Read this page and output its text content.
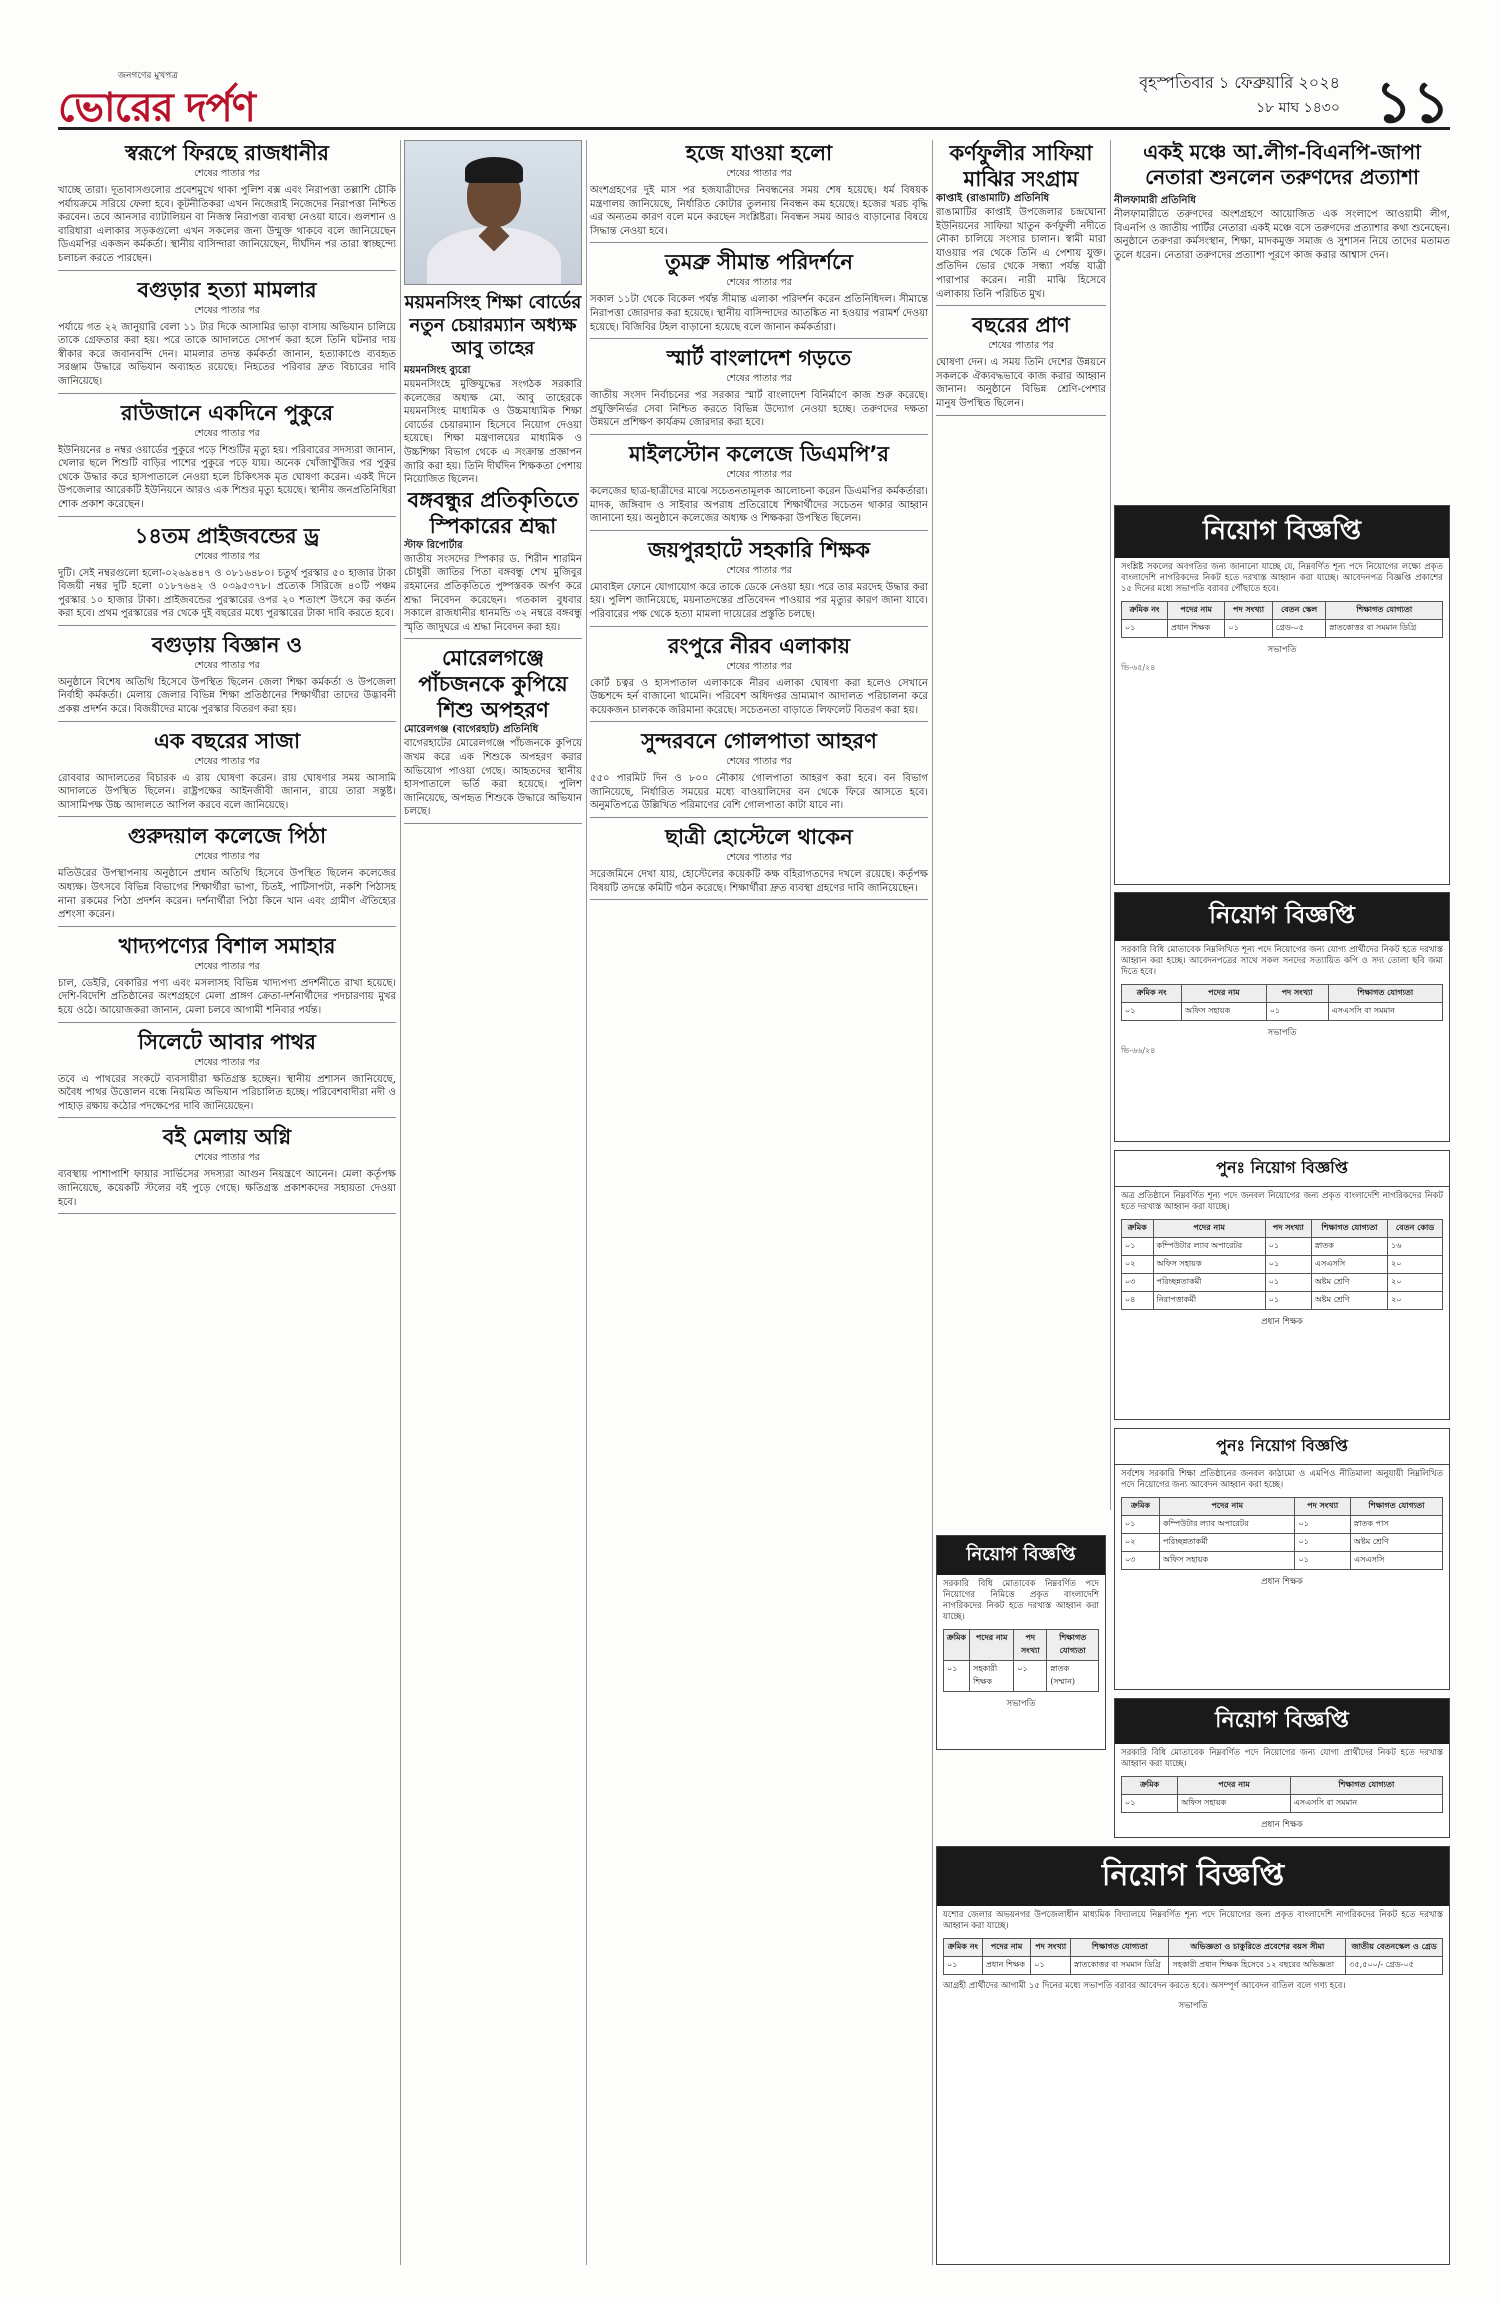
জনগণের মুখপত্র
ভোরের দর্পণ
বৃহস্পতিবার ১ ফেব্রুয়ারি ২০২৪
১৮ মাঘ ১৪৩০ ১১
স্বরূপে ফিরছে রাজধানীর
শেষের পাতার পর
খাচ্ছে তারা। দূতাবাসগুলোর প্রবেশমুখে থাকা পুলিশ বক্স এবং নিরাপত্তা তল্লাশি চৌকি পর্যায়ক্রমে সরিয়ে ফেলা হবে। কূটনীতিকরা এখন নিজেরাই নিজেদের নিরাপত্তা নিশ্চিত করবেন। তবে আনসার ব্যাটালিয়ন বা নিজস্ব নিরাপত্তা ব্যবস্থা নেওয়া যাবে। গুলশান ও বারিধারা এলাকার সড়কগুলো এখন সকলের জন্য উন্মুক্ত থাকবে বলে জানিয়েছেন ডিএমপির একজন কর্মকর্তা। স্থানীয় বাসিন্দারা জানিয়েছেন, দীর্ঘদিন পর তারা স্বাচ্ছন্দ্যে চলাচল করতে পারছেন।
বগুড়ার হত্যা মামলার
শেষের পাতার পর
পর্যায়ে গত ২২ জানুয়ারি বেলা ১১ টার দিকে আসামির ভাড়া বাসায় অভিযান চালিয়ে তাকে গ্রেফতার করা হয়। পরে তাকে আদালতে সোপর্দ করা হলে তিনি ঘটনার দায় স্বীকার করে জবানবন্দি দেন। মামলার তদন্ত কর্মকর্তা জানান, হত্যাকাণ্ডে ব্যবহৃত সরঞ্জাম উদ্ধারে অভিযান অব্যাহত রয়েছে। নিহতের পরিবার দ্রুত বিচারের দাবি জানিয়েছে।
রাউজানে একদিনে পুকুরে
শেষের পাতার পর
ইউনিয়নের ৪ নম্বর ওয়ার্ডের পুকুরে পড়ে শিশুটির মৃত্যু হয়। পরিবারের সদস্যরা জানান, খেলার ছলে শিশুটি বাড়ির পাশের পুকুরে পড়ে যায়। অনেক খোঁজাখুঁজির পর পুকুর থেকে উদ্ধার করে হাসপাতালে নেওয়া হলে চিকিৎসক মৃত ঘোষণা করেন। একই দিনে উপজেলার আরেকটি ইউনিয়নে আরও এক শিশুর মৃত্যু হয়েছে। স্থানীয় জনপ্রতিনিধিরা শোক প্রকাশ করেছেন।
১৪তম প্রাইজবন্ডের ড্র
শেষের পাতার পর
দুটি। সেই নম্বরগুলো হলো-০২৬৯৪৪৭ ও ০৮১৬৪৮০। চতুর্থ পুরস্কার ৫০ হাজার টাকা বিজয়ী নম্বর দুটি হলো ০১৮৭৬৪২ ও ০৩৯৫৩৭৮। প্রত্যেক সিরিজে ৪০টি পঞ্চম পুরস্কার ১০ হাজার টাকা। প্রাইজবন্ডের পুরস্কারের ওপর ২০ শতাংশ উৎসে কর কর্তন করা হবে। প্রথম পুরস্কারের পর থেকে দুই বছরের মধ্যে পুরস্কারের টাকা দাবি করতে হবে।
বগুড়ায় বিজ্ঞান ও
শেষের পাতার পর
অনুষ্ঠানে বিশেষ অতিথি হিসেবে উপস্থিত ছিলেন জেলা শিক্ষা কর্মকর্তা ও উপজেলা নির্বাহী কর্মকর্তা। মেলায় জেলার বিভিন্ন শিক্ষা প্রতিষ্ঠানের শিক্ষার্থীরা তাদের উদ্ভাবনী প্রকল্প প্রদর্শন করে। বিজয়ীদের মাঝে পুরস্কার বিতরণ করা হয়।
এক বছরের সাজা
শেষের পাতার পর
রোববার আদালতের বিচারক এ রায় ঘোষণা করেন। রায় ঘোষণার সময় আসামি আদালতে উপস্থিত ছিলেন। রাষ্ট্রপক্ষের আইনজীবী জানান, রায়ে তারা সন্তুষ্ট। আসামিপক্ষ উচ্চ আদালতে আপিল করবে বলে জানিয়েছে।
গুরুদয়াল কলেজে পিঠা
শেষের পাতার পর
মতিউরের উপস্থাপনায় অনুষ্ঠানে প্রধান অতিথি হিসেবে উপস্থিত ছিলেন কলেজের অধ্যক্ষ। উৎসবে বিভিন্ন বিভাগের শিক্ষার্থীরা ভাপা, চিতই, পাটিসাপটা, নকশি পিঠাসহ নানা রকমের পিঠা প্রদর্শন করেন। দর্শনার্থীরা পিঠা কিনে খান এবং গ্রামীণ ঐতিহ্যের প্রশংসা করেন।
খাদ্যপণ্যের বিশাল সমাহার
শেষের পাতার পর
চাল, ডেইরি, বেকারির পণ্য এবং মসলাসহ বিভিন্ন খাদ্যপণ্য প্রদর্শনীতে রাখা হয়েছে। দেশি-বিদেশি প্রতিষ্ঠানের অংশগ্রহণে মেলা প্রাঙ্গণ ক্রেতা-দর্শনার্থীদের পদচারণায় মুখর হয়ে ওঠে। আয়োজকরা জানান, মেলা চলবে আগামী শনিবার পর্যন্ত।
সিলেটে আবার পাথর
শেষের পাতার পর
তবে এ পাথরের সংকটে ব্যবসায়ীরা ক্ষতিগ্রস্ত হচ্ছেন। স্থানীয় প্রশাসন জানিয়েছে, অবৈধ পাথর উত্তোলন বন্ধে নিয়মিত অভিযান পরিচালিত হচ্ছে। পরিবেশবাদীরা নদী ও পাহাড় রক্ষায় কঠোর পদক্ষেপের দাবি জানিয়েছেন।
বই মেলায় অগ্নি
শেষের পাতার পর
ব্যবস্থায় পাশাপাশি ফায়ার সার্ভিসের সদস্যরা আগুন নিয়ন্ত্রণে আনেন। মেলা কর্তৃপক্ষ জানিয়েছে, কয়েকটি স্টলের বই পুড়ে গেছে। ক্ষতিগ্রস্ত প্রকাশকদের সহায়তা দেওয়া হবে।
ময়মনসিংহ শিক্ষা বোর্ডের নতুন চেয়ারম্যান অধ্যক্ষ আবু তাহের
ময়মনসিংহ ব্যুরো
ময়মনসিংহে মুক্তিযুদ্ধের সংগঠক সরকারি কলেজের অধ্যক্ষ মো. আবু তাহেরকে ময়মনসিংহ মাধ্যমিক ও উচ্চমাধ্যমিক শিক্ষা বোর্ডের চেয়ারম্যান হিসেবে নিয়োগ দেওয়া হয়েছে। শিক্ষা মন্ত্রণালয়ের মাধ্যমিক ও উচ্চশিক্ষা বিভাগ থেকে এ সংক্রান্ত প্রজ্ঞাপন জারি করা হয়। তিনি দীর্ঘদিন শিক্ষকতা পেশায় নিয়োজিত ছিলেন।
বঙ্গবন্ধুর প্রতিকৃতিতে স্পিকারের শ্রদ্ধা
স্টাফ রিপোর্টার
জাতীয় সংসদের স্পিকার ড. শিরীন শারমিন চৌধুরী জাতির পিতা বঙ্গবন্ধু শেখ মুজিবুর রহমানের প্রতিকৃতিতে পুষ্পস্তবক অর্পণ করে শ্রদ্ধা নিবেদন করেছেন। গতকাল বুধবার সকালে রাজধানীর ধানমন্ডি ৩২ নম্বরে বঙ্গবন্ধু স্মৃতি জাদুঘরে এ শ্রদ্ধা নিবেদন করা হয়।
মোরেলগঞ্জে পাঁচজনকে কুপিয়ে শিশু অপহরণ
মোরেলগঞ্জ (বাগেরহাট) প্রতিনিধি
বাগেরহাটের মোরেলগঞ্জে পাঁচজনকে কুপিয়ে জখম করে এক শিশুকে অপহরণ করার অভিযোগ পাওয়া গেছে। আহতদের স্থানীয় হাসপাতালে ভর্তি করা হয়েছে। পুলিশ জানিয়েছে, অপহৃত শিশুকে উদ্ধারে অভিযান চলছে।
হজে যাওয়া হলো
শেষের পাতার পর
অংশগ্রহণের দুই মাস পর হজযাত্রীদের নিবন্ধনের সময় শেষ হয়েছে। ধর্ম বিষয়ক মন্ত্রণালয় জানিয়েছে, নির্ধারিত কোটার তুলনায় নিবন্ধন কম হয়েছে। হজের খরচ বৃদ্ধি এর অন্যতম কারণ বলে মনে করছেন সংশ্লিষ্টরা। নিবন্ধন সময় আরও বাড়ানোর বিষয়ে সিদ্ধান্ত নেওয়া হবে।
তুমব্রু সীমান্ত পরিদর্শনে
শেষের পাতার পর
সকাল ১১টা থেকে বিকেল পর্যন্ত সীমান্ত এলাকা পরিদর্শন করেন প্রতিনিধিদল। সীমান্তে নিরাপত্তা জোরদার করা হয়েছে। স্থানীয় বাসিন্দাদের আতঙ্কিত না হওয়ার পরামর্শ দেওয়া হয়েছে। বিজিবির টহল বাড়ানো হয়েছে বলে জানান কর্মকর্তারা।
স্মার্ট বাংলাদেশ গড়তে
শেষের পাতার পর
জাতীয় সংসদ নির্বাচনের পর সরকার স্মার্ট বাংলাদেশ বিনির্মাণে কাজ শুরু করেছে। প্রযুক্তিনির্ভর সেবা নিশ্চিত করতে বিভিন্ন উদ্যোগ নেওয়া হচ্ছে। তরুণদের দক্ষতা উন্নয়নে প্রশিক্ষণ কার্যক্রম জোরদার করা হবে।
মাইলস্টোন কলেজে ডিএমপি’র
শেষের পাতার পর
কলেজের ছাত্র-ছাত্রীদের মাঝে সচেতনতামূলক আলোচনা করেন ডিএমপির কর্মকর্তারা। মাদক, জঙ্গিবাদ ও সাইবার অপরাধ প্রতিরোধে শিক্ষার্থীদের সচেতন থাকার আহ্বান জানানো হয়। অনুষ্ঠানে কলেজের অধ্যক্ষ ও শিক্ষকরা উপস্থিত ছিলেন।
জয়পুরহাটে সহকারি শিক্ষক
শেষের পাতার পর
মোবাইল ফোনে যোগাযোগ করে তাকে ডেকে নেওয়া হয়। পরে তার মরদেহ উদ্ধার করা হয়। পুলিশ জানিয়েছে, ময়নাতদন্তের প্রতিবেদন পাওয়ার পর মৃত্যুর কারণ জানা যাবে। পরিবারের পক্ষ থেকে হত্যা মামলা দায়েরের প্রস্তুতি চলছে।
রংপুরে নীরব এলাকায়
শেষের পাতার পর
কোর্ট চত্বর ও হাসপাতাল এলাকাকে নীরব এলাকা ঘোষণা করা হলেও সেখানে উচ্চশব্দে হর্ন বাজানো থামেনি। পরিবেশ অধিদপ্তর ভ্রাম্যমাণ আদালত পরিচালনা করে কয়েকজন চালককে জরিমানা করেছে। সচেতনতা বাড়াতে লিফলেট বিতরণ করা হয়।
সুন্দরবনে গোলপাতা আহরণ
শেষের পাতার পর
৫৫০ পারমিট দিন ও ৮০০ নৌকায় গোলপাতা আহরণ করা হবে। বন বিভাগ জানিয়েছে, নির্ধারিত সময়ের মধ্যে বাওয়ালিদের বন থেকে ফিরে আসতে হবে। অনুমতিপত্রে উল্লিখিত পরিমাণের বেশি গোলপাতা কাটা যাবে না।
ছাত্রী হোস্টেলে থাকেন
শেষের পাতার পর
সরেজমিনে দেখা যায়, হোস্টেলের কয়েকটি কক্ষ বহিরাগতদের দখলে রয়েছে। কর্তৃপক্ষ বিষয়টি তদন্তে কমিটি গঠন করেছে। শিক্ষার্থীরা দ্রুত ব্যবস্থা গ্রহণের দাবি জানিয়েছেন।
কর্ণফুলীর সাফিয়া মাঝির সংগ্রাম
কাপ্তাই (রাঙামাটি) প্রতিনিধি
রাঙামাটির কাপ্তাই উপজেলার চন্দ্রঘোনা ইউনিয়নের সাফিয়া খাতুন কর্ণফুলী নদীতে নৌকা চালিয়ে সংসার চালান। স্বামী মারা যাওয়ার পর থেকে তিনি এ পেশায় যুক্ত। প্রতিদিন ভোর থেকে সন্ধ্যা পর্যন্ত যাত্রী পারাপার করেন। নারী মাঝি হিসেবে এলাকায় তিনি পরিচিত মুখ।
বছরের প্রাণ
শেষের পাতার পর
ঘোষণা দেন। এ সময় তিনি দেশের উন্নয়নে সকলকে ঐক্যবদ্ধভাবে কাজ করার আহ্বান জানান। অনুষ্ঠানে বিভিন্ন শ্রেণি-পেশার মানুষ উপস্থিত ছিলেন।
একই মঞ্চে আ.লীগ-বিএনপি-জাপা নেতারা শুনলেন তরুণদের প্রত্যাশা
নীলফামারী প্রতিনিধি
নীলফামারীতে তরুণদের অংশগ্রহণে আয়োজিত এক সংলাপে আওয়ামী লীগ, বিএনপি ও জাতীয় পার্টির নেতারা একই মঞ্চে বসে তরুণদের প্রত্যাশার কথা শুনেছেন। অনুষ্ঠানে তরুণরা কর্মসংস্থান, শিক্ষা, মাদকমুক্ত সমাজ ও সুশাসন নিয়ে তাদের মতামত তুলে ধরেন। নেতারা তরুণদের প্রত্যাশা পূরণে কাজ করার আশ্বাস দেন।
নিয়োগ বিজ্ঞপ্তি
সংশ্লিষ্ট সকলের অবগতির জন্য জানানো যাচ্ছে যে, নিম্নবর্ণিত শূন্য পদে নিয়োগের লক্ষ্যে প্রকৃত বাংলাদেশি নাগরিকদের নিকট হতে দরখাস্ত আহ্বান করা যাচ্ছে। আবেদনপত্র বিজ্ঞপ্তি প্রকাশের ১৫ দিনের মধ্যে সভাপতি বরাবর পৌঁছাতে হবে।
ক্রমিক নং	পদের নাম	পদ সংখ্যা	বেতন স্কেল	শিক্ষাগত যোগ্যতা
০১	প্রধান শিক্ষক	০১	গ্রেড-০৫	স্নাতকোত্তর বা সমমান ডিগ্রি
সভাপতি
ভি-৬৫/২৪
নিয়োগ বিজ্ঞপ্তি
সরকারি বিধি মোতাবেক নিম্নলিখিত শূন্য পদে নিয়োগের জন্য যোগ্য প্রার্থীদের নিকট হতে দরখাস্ত আহ্বান করা হচ্ছে। আবেদনপত্রের সাথে সকল সনদের সত্যায়িত কপি ও সদ্য তোলা ছবি জমা দিতে হবে।
ক্রমিক নং	পদের নাম	পদ সংখ্যা	শিক্ষাগত যোগ্যতা
০১	অফিস সহায়ক	০১	এসএসসি বা সমমান
সভাপতি
ভি-৬৬/২৪
পুনঃ নিয়োগ বিজ্ঞপ্তি
অত্র প্রতিষ্ঠানে নিম্নবর্ণিত শূন্য পদে জনবল নিয়োগের জন্য প্রকৃত বাংলাদেশি নাগরিকদের নিকট হতে দরখাস্ত আহ্বান করা যাচ্ছে।
ক্রমিক	পদের নাম	পদ সংখ্যা	শিক্ষাগত যোগ্যতা	বেতন কোড
০১	কম্পিউটার ল্যাব অপারেটর	০১	স্নাতক	১৬
০২	অফিস সহায়ক	০১	এসএসসি	২০
০৩	পরিচ্ছন্নতাকর্মী	০১	অষ্টম শ্রেণি	২০
০৪	নিরাপত্তাকর্মী	০১	অষ্টম শ্রেণি	২০
প্রধান শিক্ষক
পুনঃ নিয়োগ বিজ্ঞপ্তি
সর্বশেষ সরকারি শিক্ষা প্রতিষ্ঠানের জনবল কাঠামো ও এমপিও নীতিমালা অনুযায়ী নিম্নলিখিত পদে নিয়োগের জন্য আবেদন আহ্বান করা হচ্ছে।
ক্রমিক	পদের নাম	পদ সংখ্যা	শিক্ষাগত যোগ্যতা
০১	কম্পিউটার ল্যাব অপারেটর	০১	স্নাতক পাস
০২	পরিচ্ছন্নতাকর্মী	০১	অষ্টম শ্রেণি
০৩	অফিস সহায়ক	০১	এসএসসি
প্রধান শিক্ষক
নিয়োগ বিজ্ঞপ্তি
সরকারি বিধি মোতাবেক নিম্নবর্ণিত পদে নিয়োগের নিমিত্তে প্রকৃত বাংলাদেশি নাগরিকদের নিকট হতে দরখাস্ত আহ্বান করা যাচ্ছে।
ক্রমিক	পদের নাম	পদ সংখ্যা	শিক্ষাগত যোগ্যতা
০১	সহকারী শিক্ষক	০১	স্নাতক (সম্মান)
সভাপতি
নিয়োগ বিজ্ঞপ্তি
সরকারি বিধি মোতাবেক নিম্নবর্ণিত পদে নিয়োগের জন্য যোগ্য প্রার্থীদের নিকট হতে দরখাস্ত আহ্বান করা যাচ্ছে।
ক্রমিক	পদের নাম	শিক্ষাগত যোগ্যতা
০১	অফিস সহায়ক	এসএসসি বা সমমান
প্রধান শিক্ষক
নিয়োগ বিজ্ঞপ্তি
যশোর জেলার অভয়নগর উপজেলাধীন মাধ্যমিক বিদ্যালয়ে নিম্নবর্ণিত শূন্য পদে নিয়োগের জন্য প্রকৃত বাংলাদেশি নাগরিকদের নিকট হতে দরখাস্ত আহ্বান করা যাচ্ছে।
ক্রমিক নং	পদের নাম	পদ সংখ্যা	শিক্ষাগত যোগ্যতা	অভিজ্ঞতা ও চাকুরিতে প্রবেশের বয়স সীমা	জাতীয় বেতনস্কেল ও গ্রেড
০১	প্রধান শিক্ষক	০১	স্নাতকোত্তর বা সমমান ডিগ্রি	সহকারী প্রধান শিক্ষক হিসেবে ১২ বছরের অভিজ্ঞতা	৩৫,৫০০/- গ্রেড-০৫
আগ্রহী প্রার্থীদের আগামী ১৫ দিনের মধ্যে সভাপতি বরাবর আবেদন করতে হবে। অসম্পূর্ণ আবেদন বাতিল বলে গণ্য হবে।
সভাপতি
